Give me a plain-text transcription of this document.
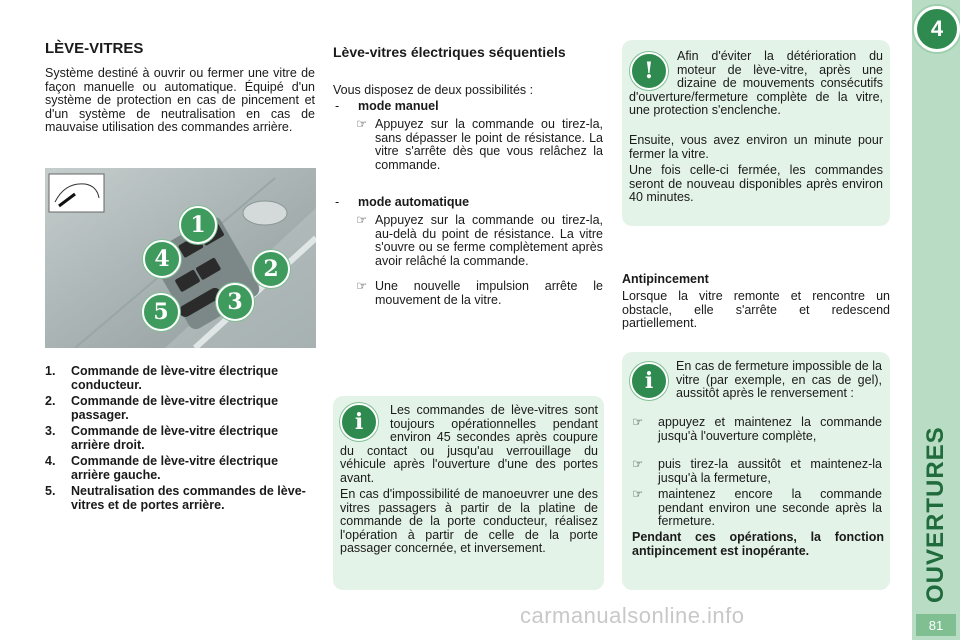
4
OUVERTURES
81
LÈVE-VITRES
Système destiné à ouvrir ou fermer une vitre de façon manuelle ou automatique. Équipé d'un système de protection en cas de pincement et d'un système de neutralisation en cas de mauvaise utilisation des commandes arrière.
1
2
3
4
5
1. Commande de lève-vitre électrique conducteur.
2. Commande de lève-vitre électrique passager.
3. Commande de lève-vitre électrique arrière droit.
4. Commande de lève-vitre électrique arrière gauche.
5. Neutralisation des commandes de lève-vitres et de portes arrière.
Lève-vitres électriques séquentiels
Vous disposez de deux possibilités :
- mode manuel
☞ Appuyez sur la commande ou tirez-la, sans dépasser le point de résistance. La vitre s'arrête dès que vous relâchez la commande.
- mode automatique
☞ Appuyez sur la commande ou tirez-la, au-delà du point de résistance. La vitre s'ouvre ou se ferme complètement après avoir relâché la commande.
☞ Une nouvelle impulsion arrête le mouvement de la vitre.
i	Les commandes de lève-vitres sont toujours opérationnelles pendant environ 45 secondes après coupure du contact ou jusqu'au verrouillage du véhicule après l'ouverture d'une des portes avant.
En cas d'impossibilité de manoeuvrer une des vitres passagers à partir de la platine de commande de la porte conducteur, réalisez l'opération à partir de celle de la porte passager concernée, et inversement.
!
Afin d'éviter la détérioration du moteur de lève-vitre, après une dizaine de mouvements consécutifs d'ouverture/fermeture complète de la vitre, une protection s'enclenche.
Ensuite, vous avez environ un minute pour fermer la vitre.
Une fois celle-ci fermée, les commandes seront de nouveau disponibles après environ 40 minutes.
Antipincement
Lorsque la vitre remonte et rencontre un obstacle, elle s'arrête et redescend partiellement.
i
En cas de fermeture impossible de la vitre (par exemple, en cas de gel), aussitôt après le renversement :
☞ appuyez et maintenez la commande jusqu'à l'ouverture complète,
☞ puis tirez-la aussitôt et maintenez-la jusqu'à la fermeture,
☞ maintenez encore la commande pendant environ une seconde après la fermeture.
Pendant ces opérations, la fonction antipincement est inopérante.
carmanualsonline.info
